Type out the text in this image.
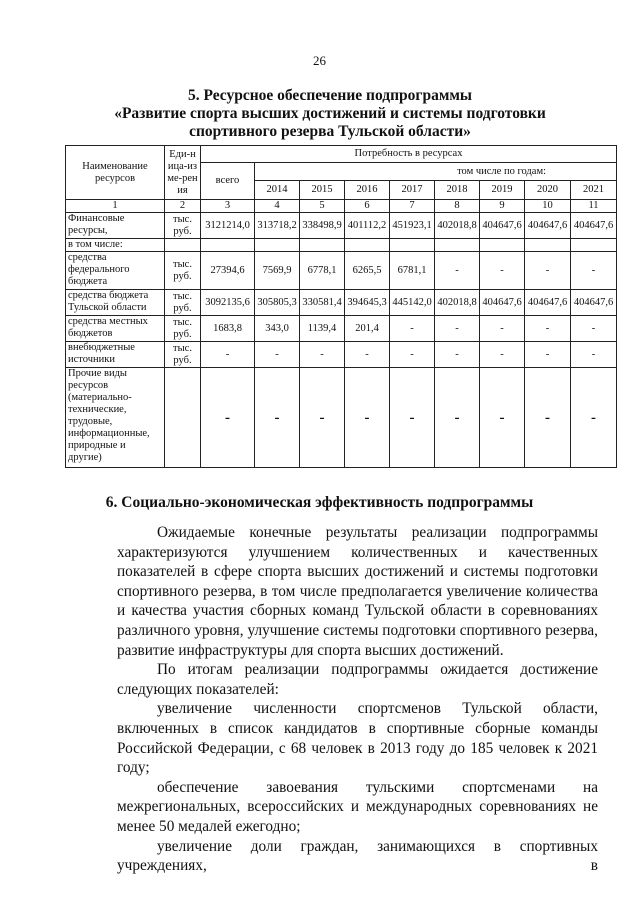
26
5. Ресурсное обеспечение подпрограммы
«Развитие спорта высших достижений и системы подготовки
спортивного резерва Тульской области»
Наименование ресурсов	Еди-ница-изме-рения	Потребность в ресурсах								
		всего	том числе по годам:							
			2014	2015	2016	2017	2018	2019	2020	2021
1	2	3	4	5	6	7	8	9	10	11
Финансовые ресурсы,	тыс. руб.	3121214,0	313718,2	338498,9	401112,2	451923,1	402018,8	404647,6	404647,6	404647,6
в том числе:										
средства федерального бюджета	тыс. руб.	27394,6	7569,9	6778,1	6265,5	6781,1	-	-	-	-
средства бюджета Тульской области	тыс. руб.	3092135,6	305805,3	330581,4	394645,3	445142,0	402018,8	404647,6	404647,6	404647,6
средства местных бюджетов	тыс. руб.	1683,8	343,0	1139,4	201,4	-	-	-	-	-
внебюджетные источники	тыс. руб.	-	-	-	-	-	-	-	-	-
Прочие виды ресурсов (материально-технические, трудовые, информационные, природные и другие)		-	-	-	-	-	-	-	-	-
6. Социально-экономическая эффективность подпрограммы

Ожидаемые конечные результаты реализации подпрограммы характеризуются улучшением количественных и качественных показателей в сфере спорта высших достижений и системы подготовки спортивного резерва, в том числе предполагается увеличение количества и качества участия сборных команд Тульской области в соревнованиях различного уровня, улучшение системы подготовки спортивного резерва, развитие инфраструктуры для спорта высших достижений.

По итогам реализации подпрограммы ожидается достижение следующих показателей:

увеличение численности спортсменов Тульской области, включенных в список кандидатов в спортивные сборные команды Российской Федерации, с 68 человек в 2013 году до 185 человек к 2021 году;

обеспечение завоевания тульскими спортсменами на межрегиональных, всероссийских и международных соревнованиях не менее 50 медалей ежегодно;

увеличение доли граждан, занимающихся в спортивных учреждениях, в
